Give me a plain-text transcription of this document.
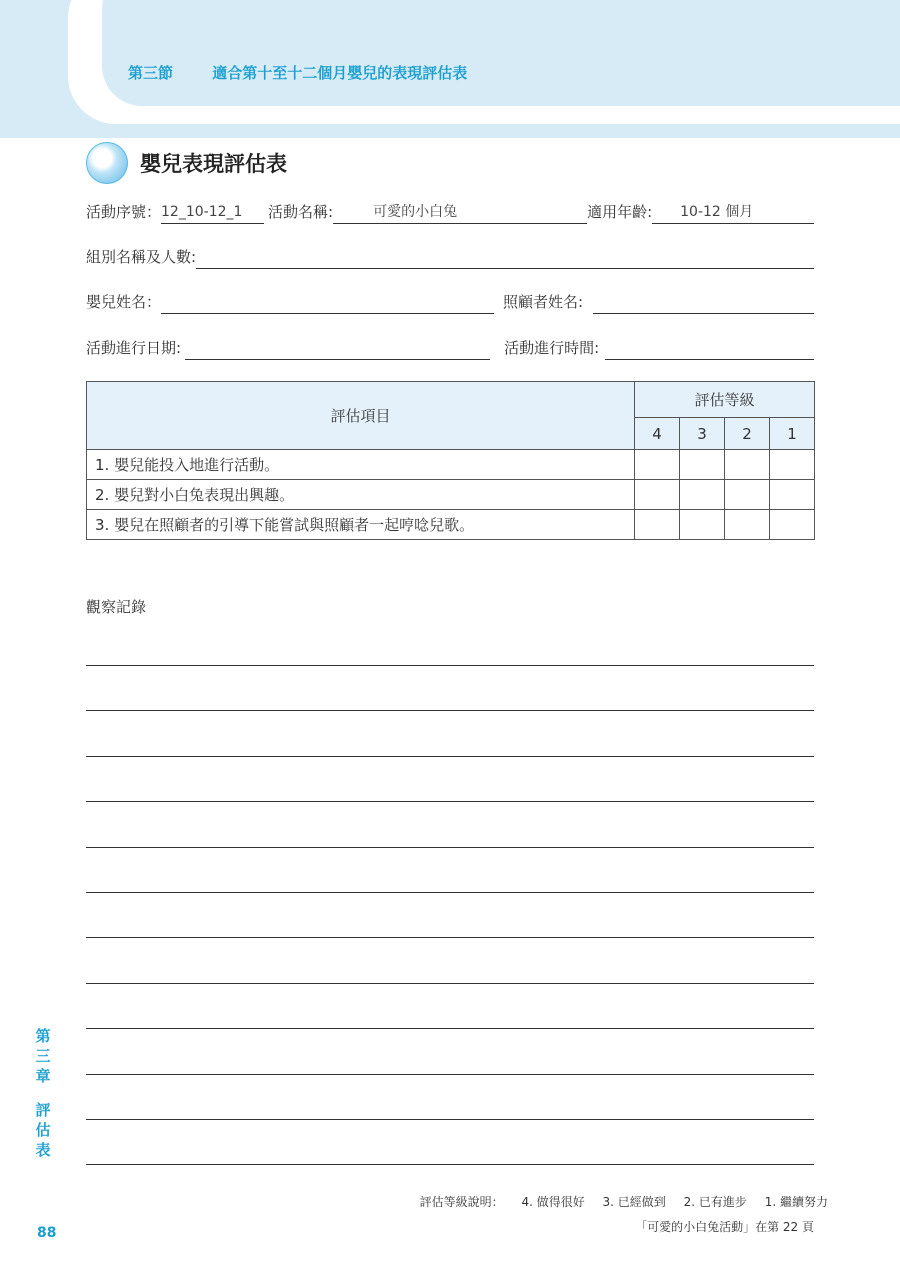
第三節	適合第十至十二個月嬰兒的表現評估表
嬰兒表現評估表
活動序號： 12_10-12_1	活動名稱:	可愛的小白兔	適用年齡:	10-12 個月
組別名稱及人數:
嬰兒姓名：	照顧者姓名:
活動進行日期:	活動進行時間:
評估項目	評估等級			
	4	3	2	1
1. 嬰兒能投入地進行活動。				
2. 嬰兒對小白兔表現出興趣。				
3. 嬰兒在照顧者的引導下能嘗試與照顧者一起哼唸兒歌。				
觀察記錄
第
三
章
評
估
表
評估等級說明： 4. 做得很好 3. 已經做到 2. 已有進步 1. 繼續努力
「可愛的小白兔活動」在第 22 頁
88
